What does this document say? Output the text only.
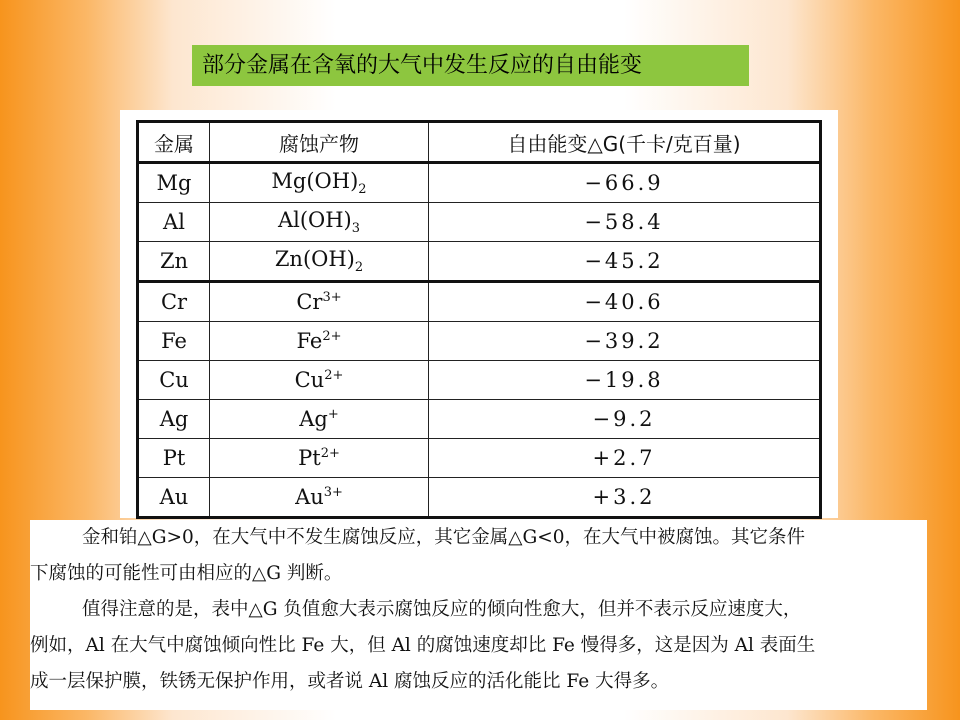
部分金属在含氧的大气中发生反应的自由能变
金属	腐蚀产物	自由能变△G(千卡/克百量)
Mg	$Mg(OH)_2$	−66.9
Al	$Al(OH)_3$	−58.4
Zn	$Zn(OH)_2$	−45.2
Cr	$Cr^{3+}$	−40.6
Fe	$Fe^{2+}$	−39.2
Cu	$Cu^{2+}$	−19.8
Ag	Ag+	−9.2
Pt	$Pt^{2+}$	+2.7
Au	$Au^{3+}$	+3.2

金和铂△G>0，在大气中不发生腐蚀反应，其它金属△G<0，在大气中被腐蚀。其它条件
下腐蚀的可能性可由相应的△G 判断。

值得注意的是，表中△G 负值愈大表示腐蚀反应的倾向性愈大，但并不表示反应速度大，
例如，Al 在大气中腐蚀倾向性比 Fe 大，但 Al 的腐蚀速度却比 Fe 慢得多，这是因为 Al 表面生
成一层保护膜，铁锈无保护作用，或者说 Al 腐蚀反应的活化能比 Fe 大得多。
